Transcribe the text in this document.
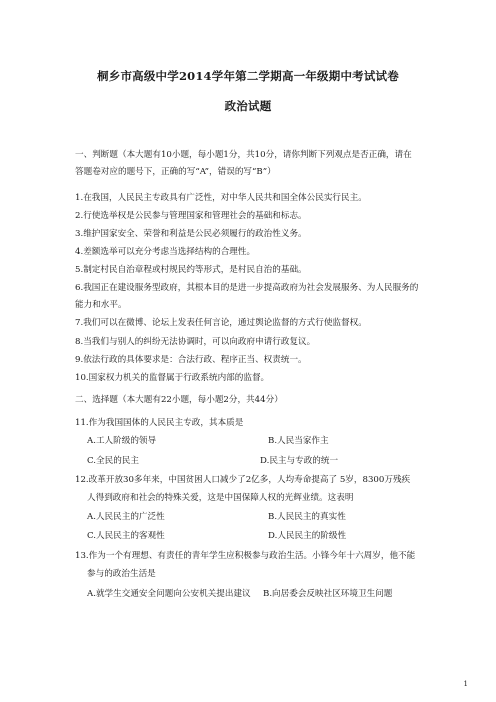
桐乡市高级中学2014学年第二学期高一年级期中考试试卷
政治试题
一、判断题（本大题有10小题，每小题1分，共10分，请你判断下列观点是否正确，请在
答题卷对应的题号下，正确的写“A”，错误的写“B”）
1.在我国，人民民主专政具有广泛性，对中华人民共和国全体公民实行民主。
2.行使选举权是公民参与管理国家和管理社会的基础和标志。
3.维护国家安全、荣誉和利益是公民必须履行的政治性义务。
4.差额选举可以充分考虑当选择结构的合理性。
5.制定村民自治章程或村规民约等形式，是村民自治的基础。
6.我国正在建设服务型政府，其根本目的是进一步提高政府为社会发展服务、为人民服务的
能力和水平。
7.我们可以在微博、论坛上发表任何言论，通过舆论监督的方式行使监督权。
8.当我们与别人的纠纷无法协调时，可以向政府申请行政复议。
9.依法行政的具体要求是：合法行政、程序正当、权责统一。
10.国家权力机关的监督属于行政系统内部的监督。
二、选择题（本大题有22小题，每小题2分，共44分）
11.作为我国国体的人民民主专政，其本质是
A.工人阶级的领导	B.人民当家作主
C.全民的民主	D.民主与专政的统一
12.改革开放30多年来，中国贫困人口减少了2亿多，人均寿命提高了 5岁，8300万残疾
人得到政府和社会的特殊关爱，这是中国保障人权的光辉业绩。这表明
A.人民民主的广泛性	B.人民民主的真实性
C.人民民主的客观性	D.人民民主的阶级性
13.作为一个有理想、有责任的青年学生应积极参与政治生活。小锋今年十六周岁，他不能
参与的政治生活是
A.就学生交通安全问题向公安机关提出建议 B.向居委会反映社区环境卫生问题
1
